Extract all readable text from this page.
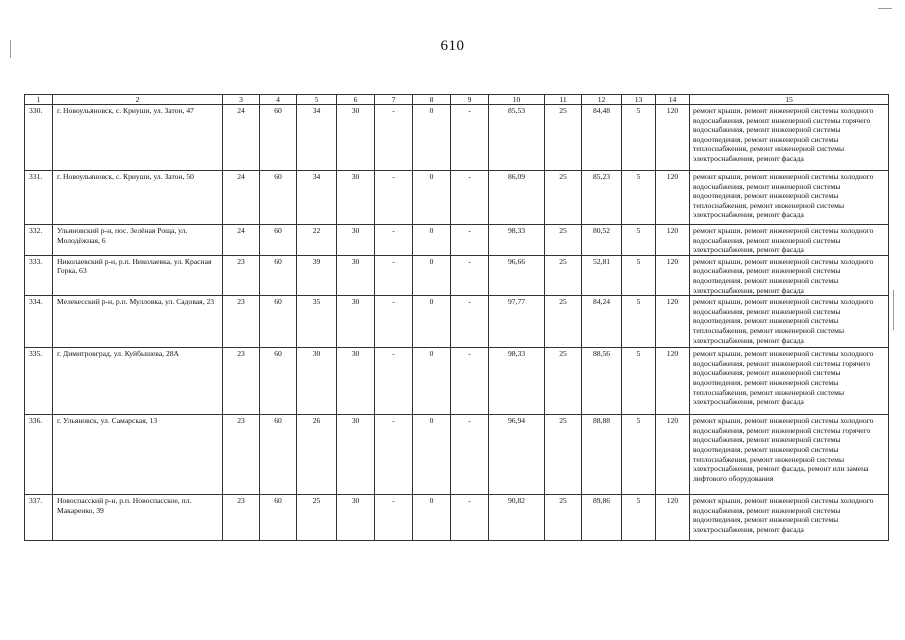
610
1	2	3	4	5	6	7	8	9	10	11	12	13	14	15
330.	г. Новоульяновск, с. Криуши, ул. Затон, 47	24	60	34	30	-	0	-	85,53	25	84,48	5	120	ремонт крыши, ремонт инженерной системы холодного водоснабжения, ремонт инженерной системы горячего водоснабжения, ремонт инженерной системы водоотведения, ремонт инженерной системы теплоснабжения, ремонт инженерной системы электроснабжения, ремонт фасада
331.	г. Новоульяновск, с. Криуши, ул. Затон, 50	24	60	34	30	-	0	-	86,09	25	85,23	5	120	ремонт крыши, ремонт инженерной системы холодного водоснабжения, ремонт инженерной системы водоотведения, ремонт инженерной системы теплоснабжения, ремонт инженерной системы электроснабжения, ремонт фасада
332.	Ульяновский р-н, пос. Зелёная Роща, ул. Молодёжная, 6	24	60	22	30	-	0	-	98,33	25	80,52	5	120	ремонт крыши, ремонт инженерной системы холодного водоснабжения, ремонт инженерной системы электроснабжения, ремонт фасада
333.	Николаевский р-н, р.п. Николаевка, ул. Красная Горка, 63	23	60	39	30	-	0	-	96,66	25	52,81	5	120	ремонт крыши, ремонт инженерной системы холодного водоснабжения, ремонт инженерной системы водоотведения, ремонт инженерной системы электроснабжения, ремонт фасада
334.	Мелекесский р-н, р.п. Мулловка, ул. Садовая, 23	23	60	35	30	-	0	-	97,77	25	84,24	5	120	ремонт крыши, ремонт инженерной системы холодного водоснабжения, ремонт инженерной системы водоотведения, ремонт инженерной системы теплоснабжения, ремонт инженерной системы электроснабжения, ремонт фасада
335.	г. Димитровград, ул. Куйбышева, 28А	23	60	30	30	-	0	-	98,33	25	88,56	5	120	ремонт крыши, ремонт инженерной системы холодного водоснабжения, ремонт инженерной системы горячего водоснабжения, ремонт инженерной системы водоотведения, ремонт инженерной системы теплоснабжения, ремонт инженерной системы электроснабжения, ремонт фасада
336.	г. Ульяновск, ул. Самарская, 13	23	60	26	30	-	0	-	96,94	25	88,88	5	120	ремонт крыши, ремонт инженерной системы холодного водоснабжения, ремонт инженерной системы горячего водоснабжения, ремонт инженерной системы водоотведения, ремонт инженерной системы теплоснабжения, ремонт инженерной системы электроснабжения, ремонт фасада, ремонт или замена лифтового оборудования
337.	Новоспасский р-н, р.п. Новоспасское, пл. Макаренко, 39	23	60	25	30	-	0	-	90,82	25	89,86	5	120	ремонт крыши, ремонт инженерной системы холодного водоснабжения, ремонт инженерной системы водоотведения, ремонт инженерной системы электроснабжения, ремонт фасада
